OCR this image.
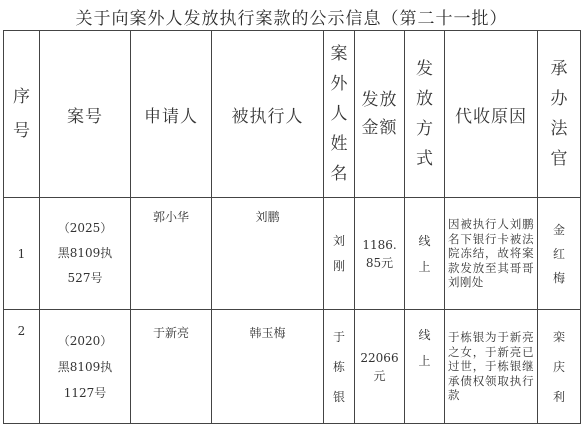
关于向案外人发放执行案款的公示信息（第二十一批）
序号	案号	申请人	被执行人	案外人姓名	发放金额	发放方式	代收原因	承办法官
1	（2025）黑8109执527号	郭小华	刘鹏	刘刚	1186.85元	线上	因被执行人刘鹏名下银行卡被法院冻结，故将案款发放至其哥哥刘刚处	金红梅
2	（2020）黑8109执1127号	于新亮	韩玉梅	于栋银	22066元	线上	于栋银为于新亮之女，于新亮已过世，于栋银继承债权领取执行款	栾庆利
